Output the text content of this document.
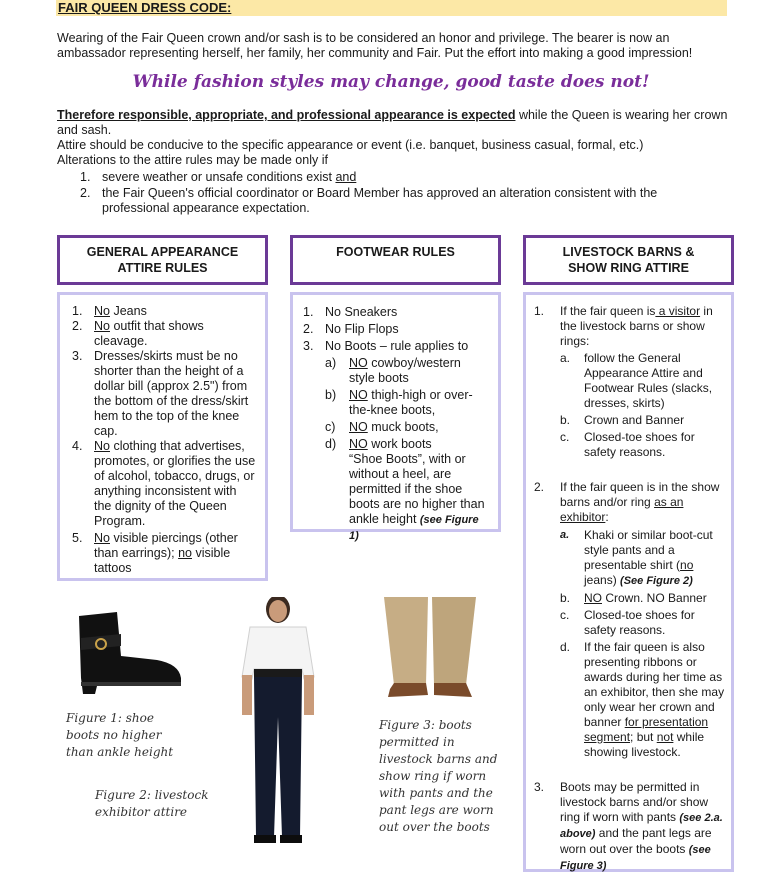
FAIR QUEEN DRESS CODE:
Wearing of the Fair Queen crown and/or sash is to be considered an honor and privilege. The bearer is now an ambassador representing herself, her family, her community and Fair. Put the effort into making a good impression!
While fashion styles may change, good taste does not!
Therefore responsible, appropriate, and professional appearance is expected while the Queen is wearing her crown and sash.
Attire should be conducive to the specific appearance or event (i.e. banquet, business casual, formal, etc.)
Alterations to the attire rules may be made only if
1. severe weather or unsafe conditions exist and
2. the Fair Queen's official coordinator or Board Member has approved an alteration consistent with the professional appearance expectation.
GENERAL APPEARANCE
ATTIRE RULES
FOOTWEAR RULES	LIVESTOCK BARNS &
SHOW RING ATTIRE
1. No Jeans
2. No outfit that shows cleavage.
3. Dresses/skirts must be no shorter than the height of a dollar bill (approx 2.5") from the bottom of the dress/skirt hem to the top of the knee cap.
4. No clothing that advertises, promotes, or glorifies the use of alcohol, tobacco, drugs, or anything inconsistent with the dignity of the Queen Program.
5. No visible piercings (other than earrings); no visible tattoos
1. No Sneakers
2. No Flip Flops
3. No Boots – rule applies to
a) NO cowboy/western style boots
b) NO thigh-high or over-the-knee boots,
c) NO muck boots,
d) NO work boots
“Shoe Boots”, with or without a heel, are permitted if the shoe boots are no higher than ankle height (see Figure 1)
1. If the fair queen is a visitor in the livestock barns or show rings:
a. follow the General Appearance Attire and Footwear Rules (slacks, dresses, skirts)
b. Crown and Banner
c. Closed-toe shoes for safety reasons.
2. If the fair queen is in the show barns and/or ring as an exhibitor:
a. Khaki or similar boot-cut style pants and a presentable shirt (no jeans) (See Figure 2)
b. NO Crown. NO Banner
c. Closed-toe shoes for safety reasons.
d. If the fair queen is also presenting ribbons or awards during her time as an exhibitor, then she may only wear her crown and banner for presentation segment; but not while showing livestock.
3. Boots may be permitted in livestock barns and/or show ring if worn with pants (see 2.a. above) and the pant legs are worn out over the boots (see Figure 3)
Figure 1: shoe boots no higher than ankle height
Figure 2: livestock exhibitor attire
Figure 3: boots permitted in livestock barns and show ring if worn with pants and the pant legs are worn out over the boots
